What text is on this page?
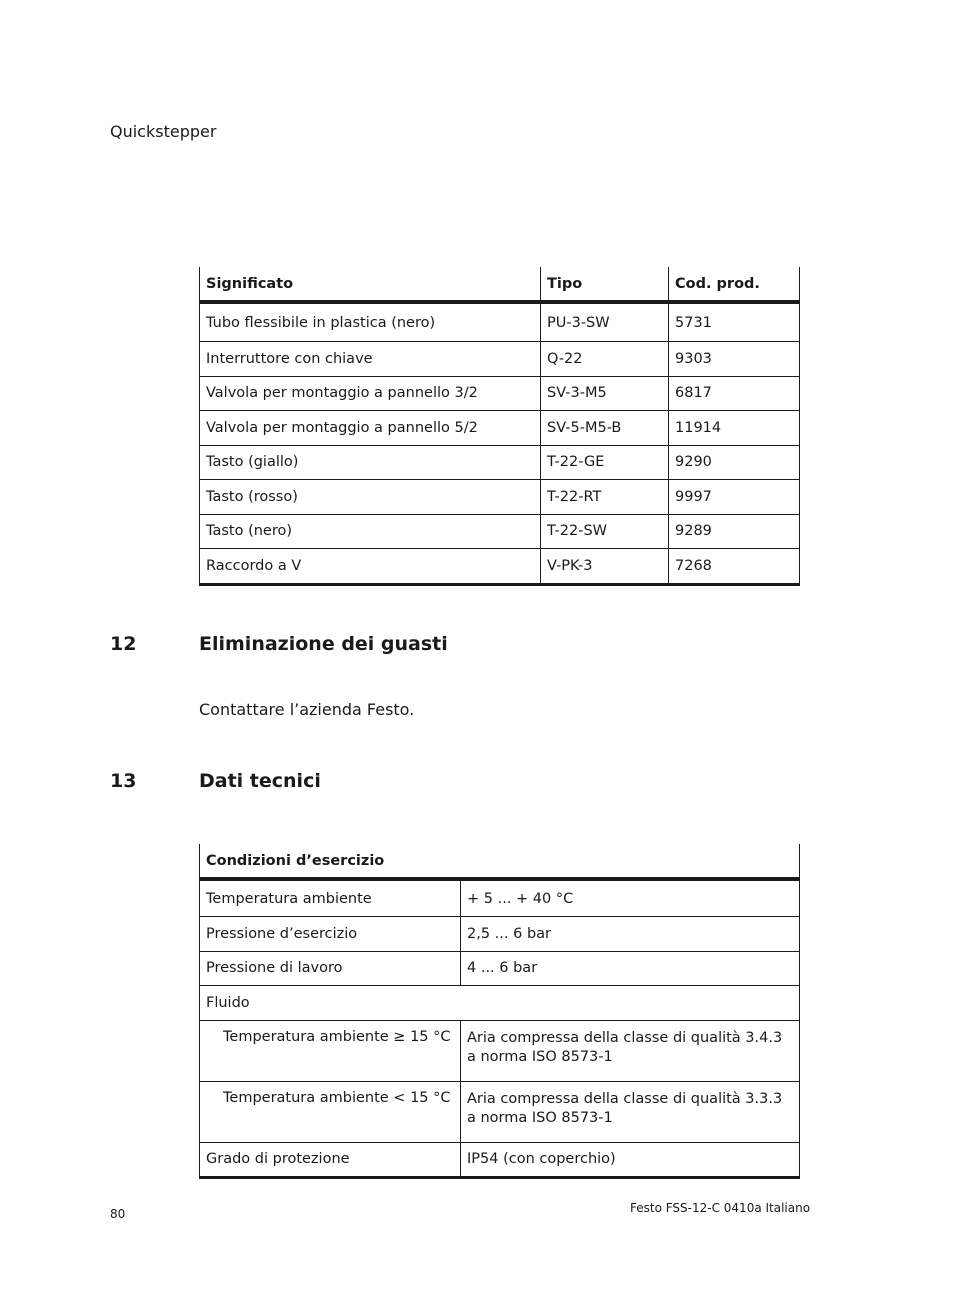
Quickstepper
Significato	Tipo	Cod. prod.
Tubo flessibile in plastica (nero)	PU-3-SW	5731
Interruttore con chiave	Q-22	9303
Valvola per montaggio a pannello 3/2	SV-3-M5	6817
Valvola per montaggio a pannello 5/2	SV-5-M5-B	11914
Tasto (giallo)	T-22-GE	9290
Tasto (rosso)	T-22-RT	9997
Tasto (nero)	T-22-SW	9289
Raccordo a V	V-PK-3	7268
12	Eliminazione dei guasti
Contattare l’azienda Festo.
13	Dati tecnici
Condizioni d’esercizio	
Temperatura ambiente	+ 5 ... + 40 °C
Pressione d’esercizio	2,5 ... 6 bar
Pressione di lavoro	4 ... 6 bar
Fluido	
Temperatura ambiente ≥ 15 °C	Aria compressa della classe di qualità 3.4.3
a norma ISO 8573-1

Temperatura ambiente < 15 °C	Aria compressa della classe di qualità 3.3.3
a norma ISO 8573-1

Grado di protezione	IP54 (con coperchio)
80	Festo FSS-12-C 0410a Italiano
